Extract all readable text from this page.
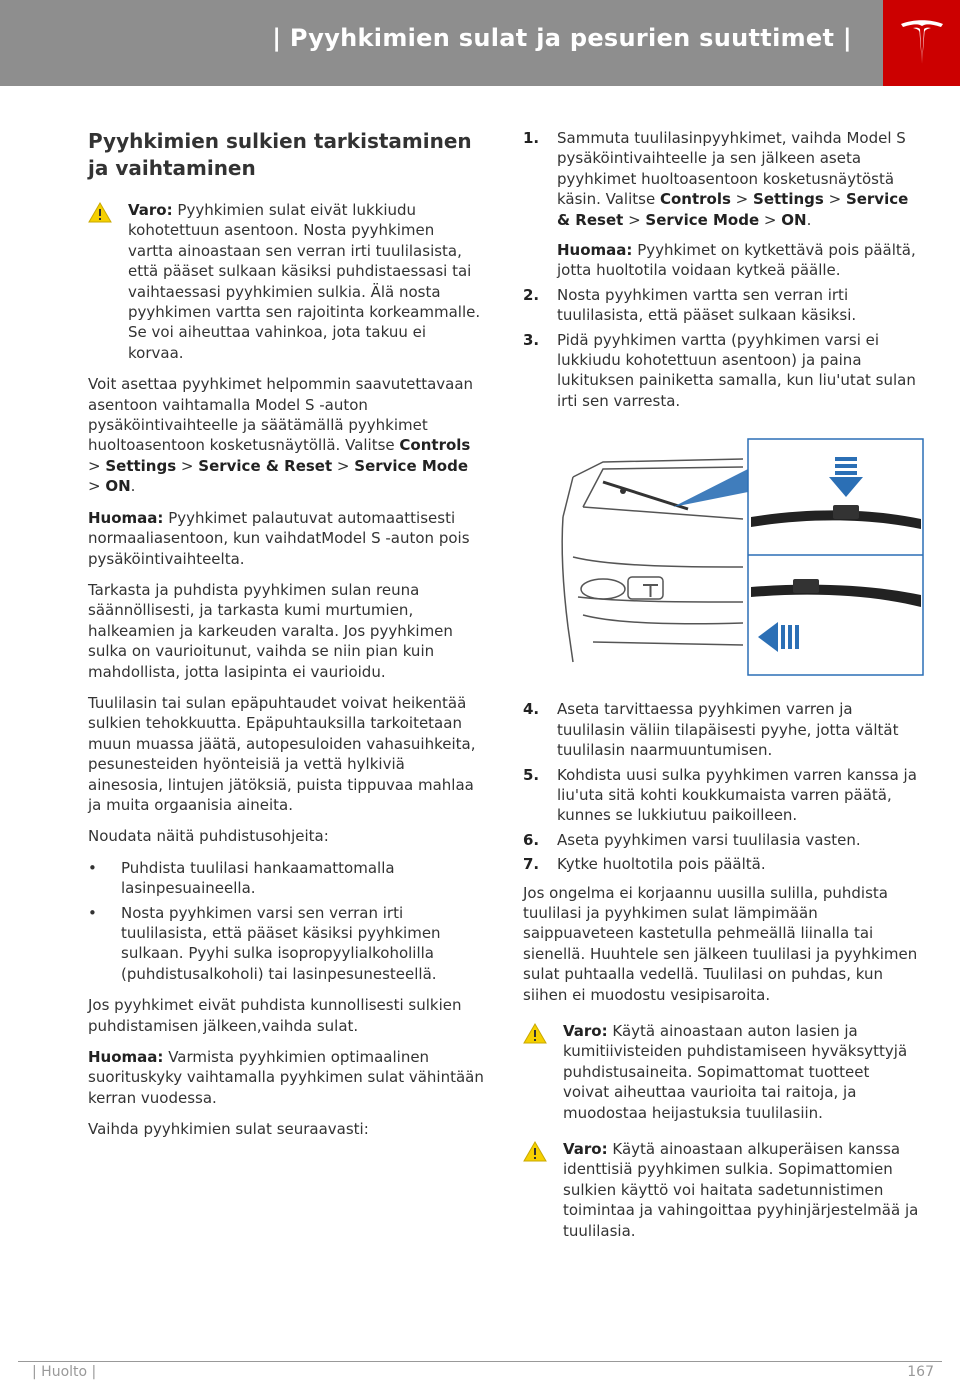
| Pyyhkimien sulat ja pesurien suuttimet |
Pyyhkimien sulkien tarkistaminen ja vaihtaminen

Varo: Pyyhkimien sulat eivät lukkiudu kohotettuun asentoon. Nosta pyyhkimen vartta ainoastaan sen verran irti tuulilasista, että pääset sulkaan käsiksi puhdistaessasi tai vaihtaessasi pyyhkimien sulkia. Älä nosta pyyhkimen vartta sen rajoitinta korkeammalle. Se voi aiheuttaa vahinkoa, jota takuu ei korvaa.

Voit asettaa pyyhkimet helpommin saavutettavaan asentoon vaihtamalla Model S -auton pysäköintivaihteelle ja säätämällä pyyhkimet huoltoasentoon kosketusnäytöllä. Valitse Controls > Settings > Service & Reset > Service Mode > ON.

Huomaa: Pyyhkimet palautuvat automaattisesti normaaliasentoon, kun vaihdatModel S -auton pois pysäköintivaihteelta.

Tarkasta ja puhdista pyyhkimen sulan reuna säännöllisesti, ja tarkasta kumi murtumien, halkeamien ja karkeuden varalta. Jos pyyhkimen sulka on vaurioitunut, vaihda se niin pian kuin mahdollista, jotta lasipinta ei vaurioidu.

Tuulilasin tai sulan epäpuhtaudet voivat heikentää sulkien tehokkuutta. Epäpuhtauksilla tarkoitetaan muun muassa jäätä, autopesuloiden vahasuihkeita, pesunesteiden hyönteisiä ja vettä hylkiviä ainesosia, lintujen jätöksiä, puista tippuvaa mahlaa ja muita orgaanisia aineita.

Noudata näitä puhdistusohjeita:

• Puhdista tuulilasi hankaamattomalla lasinpesuaineella.
• Nosta pyyhkimen varsi sen verran irti tuulilasista, että pääset käsiksi pyyhkimen sulkaan. Pyyhi sulka isopropyylialkoholilla (puhdistusalkoholi) tai lasinpesunesteellä.

Jos pyyhkimet eivät puhdista kunnollisesti sulkien puhdistamisen jälkeen,vaihda sulat.

Huomaa: Varmista pyyhkimien optimaalinen suorituskyky vaihtamalla pyyhkimen sulat vähintään kerran vuodessa.

Vaihda pyyhkimien sulat seuraavasti:

1. Sammuta tuulilasinpyyhkimet, vaihda Model S pysäköintivaihteelle ja sen jälkeen aseta pyyhkimet huoltoasentoon kosketusnäytöstä käsin. Valitse Controls > Settings > Service & Reset > Service Mode > ON.
Huomaa: Pyyhkimet on kytkettävä pois päältä, jotta huoltotila voidaan kytkeä päälle.
2. Nosta pyyhkimen vartta sen verran irti tuulilasista, että pääset sulkaan käsiksi.
3. Pidä pyyhkimen vartta (pyyhkimen varsi ei lukkiudu kohotettuun asentoon) ja paina lukituksen painiketta samalla, kun liu'utat sulan irti sen varresta.
4. Aseta tarvittaessa pyyhkimen varren ja tuulilasin väliin tilapäisesti pyyhe, jotta vältät tuulilasin naarmuuntumisen.
5. Kohdista uusi sulka pyyhkimen varren kanssa ja liu'uta sitä kohti koukkumaista varren päätä, kunnes se lukkiutuu paikoilleen.
6. Aseta pyyhkimen varsi tuulilasia vasten.
7. Kytke huoltotila pois päältä.

Jos ongelma ei korjaannu uusilla sulilla, puhdista tuulilasi ja pyyhkimen sulat lämpimään saippuaveteen kastetulla pehmeällä liinalla tai sienellä. Huuhtele sen jälkeen tuulilasi ja pyyhkimen sulat puhtaalla vedellä. Tuulilasi on puhdas, kun siihen ei muodostu vesipisaroita.

Varo: Käytä ainoastaan auton lasien ja kumitiivisteiden puhdistamiseen hyväksyttyjä puhdistusaineita. Sopimattomat tuotteet voivat aiheuttaa vaurioita tai raitoja, ja muodostaa heijastuksia tuulilasiin.

Varo: Käytä ainoastaan alkuperäisen kanssa identtisiä pyyhkimen sulkia. Sopimattomien sulkien käyttö voi haitata sadetunnistimen toimintaa ja vahingoittaa pyyhinjärjestelmää ja tuulilasia.

| Huolto |	167
